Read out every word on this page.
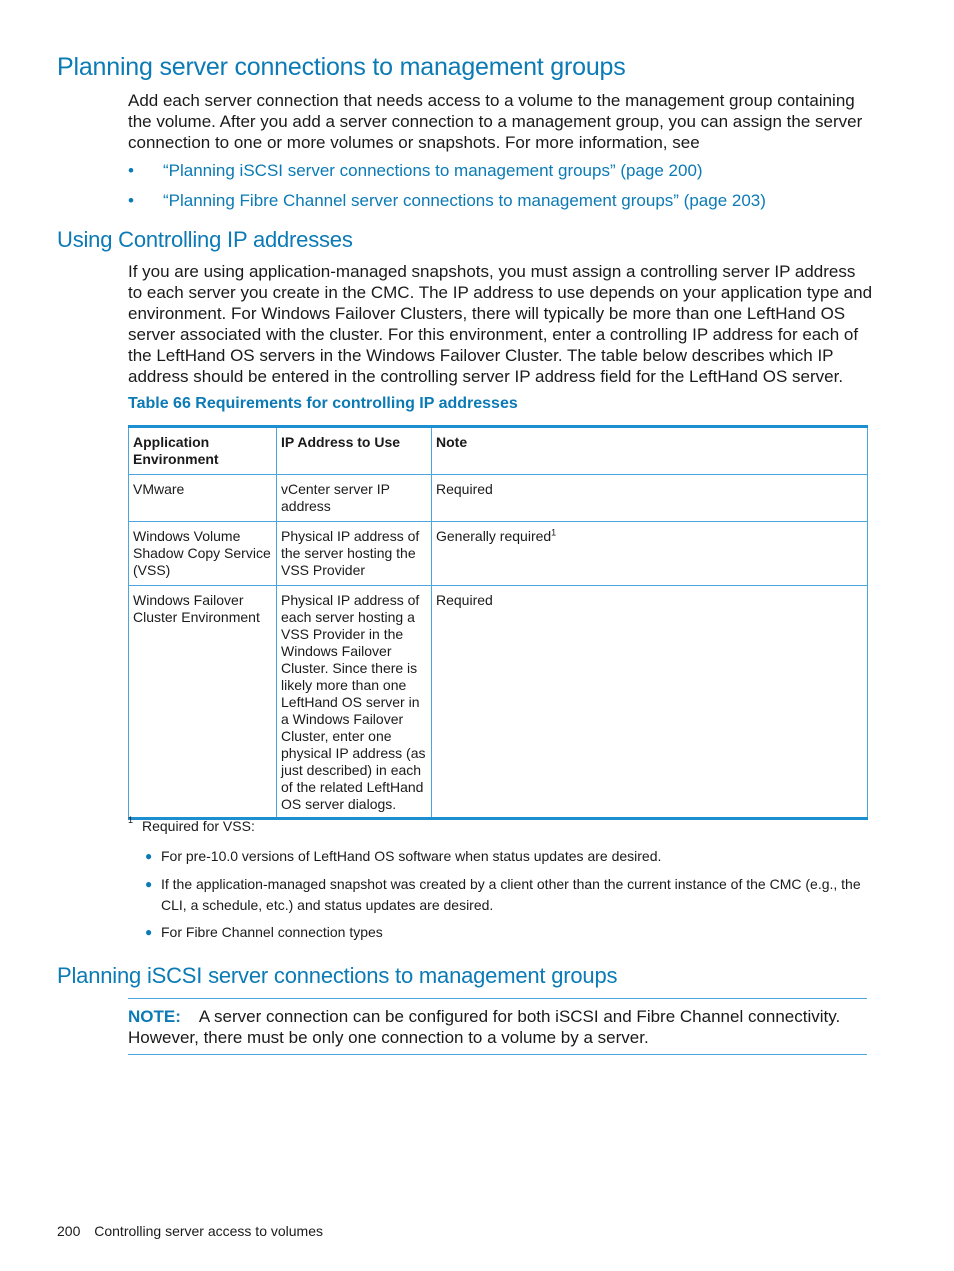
Planning server connections to management groups

Add each server connection that needs access to a volume to the management group containing the volume. After you add a server connection to a management group, you can assign the server connection to one or more volumes or snapshots. For more information, see

• “Planning iSCSI server connections to management groups” (page 200)
• “Planning Fibre Channel server connections to management groups” (page 203)
Using Controlling IP addresses

If you are using application-managed snapshots, you must assign a controlling server IP address to each server you create in the CMC. The IP address to use depends on your application type and environment. For Windows Failover Clusters, there will typically be more than one LeftHand OS server associated with the cluster. For this environment, enter a controlling IP address for each of the LeftHand OS servers in the Windows Failover Cluster. The table below describes which IP address should be entered in the controlling server IP address field for the LeftHand OS server.

Table 66 Requirements for controlling IP addresses

Application Environment	IP Address to Use	Note
VMware	vCenter server IP address	Required
Windows Volume Shadow Copy Service (VSS)	Physical IP address of the server hosting the VSS Provider	Generally required$^1$
Windows Failover Cluster Environment	Physical IP address of each server hosting a VSS Provider in the Windows Failover Cluster. Since there is likely more than one LeftHand OS server in a Windows Failover Cluster, enter one physical IP address (as just described) in each of the related LeftHand OS server dialogs.	Required
1 Required for VSS:
● For pre-10.0 versions of LeftHand OS software when status updates are desired.
● If the application-managed snapshot was created by a client other than the current instance of the CMC (e.g., the CLI, a schedule, etc.) and status updates are desired.
● For Fibre Channel connection types
Planning iSCSI server connections to management groups
NOTE: A server connection can be configured for both iSCSI and Fibre Channel connectivity. However, there must be only one connection to a volume by a server.
200 Controlling server access to volumes
